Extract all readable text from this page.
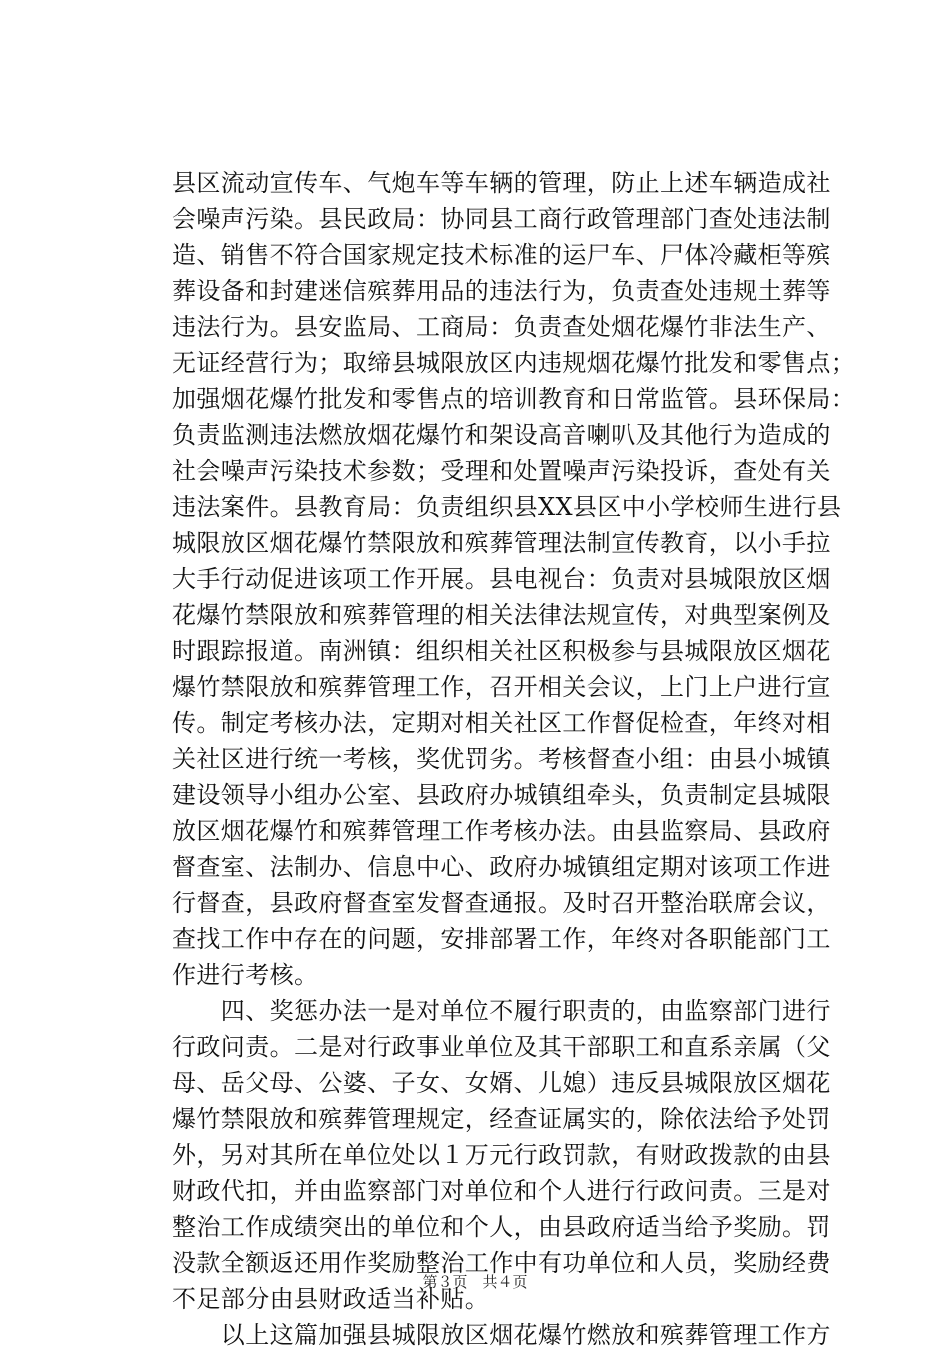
县区流动宣传车、气炮车等车辆的管理，防止上述车辆造成社
会噪声污染。县民政局：协同县工商行政管理部门查处违法制
造、销售不符合国家规定技术标准的运尸车、尸体冷藏柜等殡
葬设备和封建迷信殡葬用品的违法行为，负责查处违规土葬等
违法行为。县安监局、工商局：负责查处烟花爆竹非法生产、
无证经营行为；取缔县城限放区内违规烟花爆竹批发和零售点；
加强烟花爆竹批发和零售点的培训教育和日常监管。县环保局：
负责监测违法燃放烟花爆竹和架设高音喇叭及其他行为造成的
社会噪声污染技术参数；受理和处置噪声污染投诉，查处有关
违法案件。县教育局：负责组织县XX县区中小学校师生进行县
城限放区烟花爆竹禁限放和殡葬管理法制宣传教育，以小手拉
大手行动促进该项工作开展。县电视台：负责对县城限放区烟
花爆竹禁限放和殡葬管理的相关法律法规宣传，对典型案例及
时跟踪报道。南洲镇：组织相关社区积极参与县城限放区烟花
爆竹禁限放和殡葬管理工作，召开相关会议，上门上户进行宣
传。制定考核办法，定期对相关社区工作督促检查，年终对相
关社区进行统一考核，奖优罚劣。考核督查小组：由县小城镇
建设领导小组办公室、县政府办城镇组牵头，负责制定县城限
放区烟花爆竹和殡葬管理工作考核办法。由县监察局、县政府
督查室、法制办、信息中心、政府办城镇组定期对该项工作进
行督查，县政府督查室发督查通报。及时召开整治联席会议，
查找工作中存在的问题，安排部署工作，年终对各职能部门工
作进行考核。
　　四、奖惩办法一是对单位不履行职责的，由监察部门进行
行政问责。二是对行政事业单位及其干部职工和直系亲属（父
母、岳父母、公婆、子女、女婿、儿媳）违反县城限放区烟花
爆竹禁限放和殡葬管理规定，经查证属实的，除依法给予处罚
外，另对其所在单位处以１万元行政罚款，有财政拨款的由县
财政代扣，并由监察部门对单位和个人进行行政问责。三是对
整治工作成绩突出的单位和个人，由县政府适当给予奖励。罚
没款全额返还用作奖励整治工作中有功单位和人员，奖励经费
不足部分由县财政适当补贴。
　　以上这篇加强县城限放区烟花爆竹燃放和殡葬管理工作方
第３页　共４页
